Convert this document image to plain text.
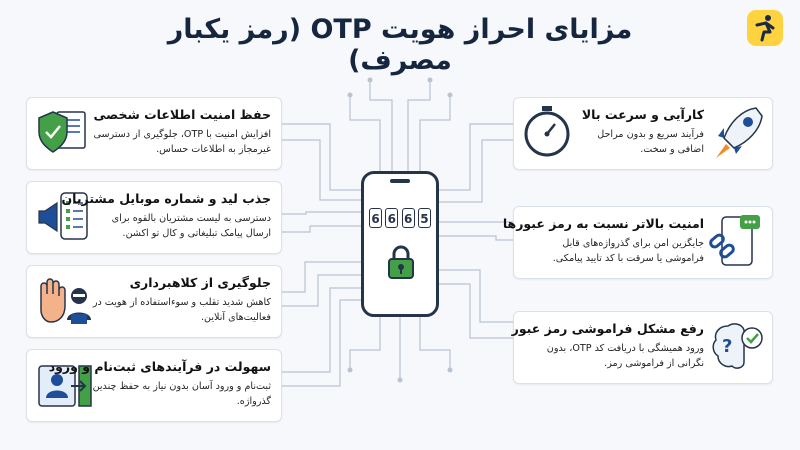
مزایای احراز هویت OTP (رمز یکبار مصرف)
6 6 6 5
حفظ امنیت اطلاعات شخصی

افزایش امنیت با OTP، جلوگیری از دسترسی غیرمجاز به اطلاعات حساس.

جذب لید و شماره موبایل مشتریان

دسترسی به لیست مشتریان بالقوه برای ارسال پیامک تبلیغاتی و کال تو اکشن.

جلوگیری از کلاهبرداری

کاهش شدید تقلب و سوءاستفاده از هویت در فعالیت‌های آنلاین.

سهولت در فرآیندهای ثبت‌نام و ورود

ثبت‌نام و ورود آسان بدون نیاز به حفظ چندین گذرواژه.

کارآیی و سرعت بالا

فرآیند سریع و بدون مراحل اضافی و سخت.

امنیت بالاتر نسبت به رمز عبورها

جایگزین امن برای گذرواژه‌های قابل فراموشی یا سرقت با کد تایید پیامکی.

?
رفع مشکل فراموشی رمز عبور

ورود همیشگی با دریافت کد OTP، بدون نگرانی از فراموشی رمز.
